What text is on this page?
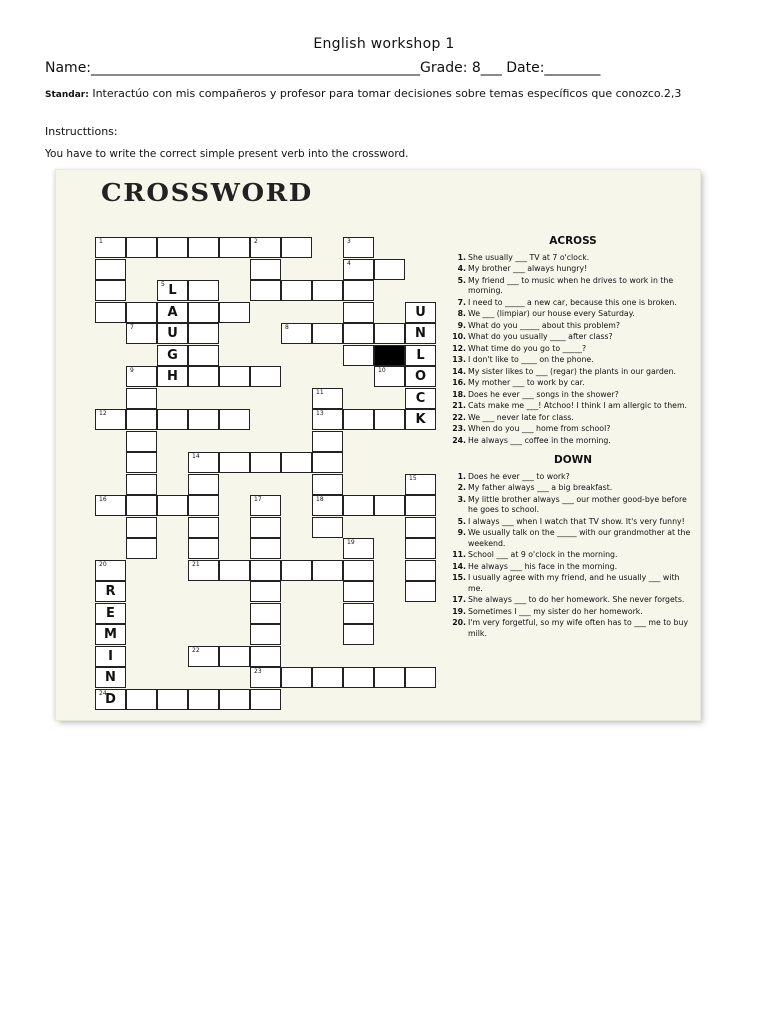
English workshop 1
Name:_______________________________________________Grade: 8___ Date:________
Standar: Interactúo con mis compañeros y profesor para tomar decisiones sobre temas específicos que conozco.2,3
Instructtions:
You have to write the correct simple present verb into the crossword.
CROSSWORD
1	2	3
4
5 L
A	U
7	U	8	N
G	L
9	H	10	O
11	C
12	13	K
14
15
16	17	18
19
20	21
R
E
M
I	22
N	23
24
D
ACROSS
1. She usually ___ TV at 7 o'clock.
4. My brother ___ always hungry!
5. My friend ___ to music when he drives to work in the morning.
7. I need to _____ a new car, because this one is broken.
8. We ___ (limpiar) our house every Saturday.
9. What do you _____ about this problem?
10. What do you usually ____ after class?
12. What time do you go to _____?
13. I don't like to ____ on the phone.
14. My sister likes to ___ (regar) the plants in our garden.
16. My mother ___ to work by car.
18. Does he ever ___ songs in the shower?
21. Cats make me ___! Atchoo! I think I am allergic to them.
22. We ___ never late for class.
23. When do you ___ home from school?
24. He always ___ coffee in the morning.
DOWN
1. Does he ever ___ to work?
2. My father always ___ a big breakfast.
3. My little brother always ___ our mother good-bye before he goes to school.
5. I always ___ when I watch that TV show. It's very funny!
9. We usually talk on the _____ with our grandmother at the weekend.
11. School ___ at 9 o'clock in the morning.
14. He always ___ his face in the morning.
15. I usually agree with my friend, and he usually ___ with me.
17. She always ___ to do her homework. She never forgets.
19. Sometimes I ___ my sister do her homework.
20. I'm very forgetful, so my wife often has to ___ me to buy milk.
